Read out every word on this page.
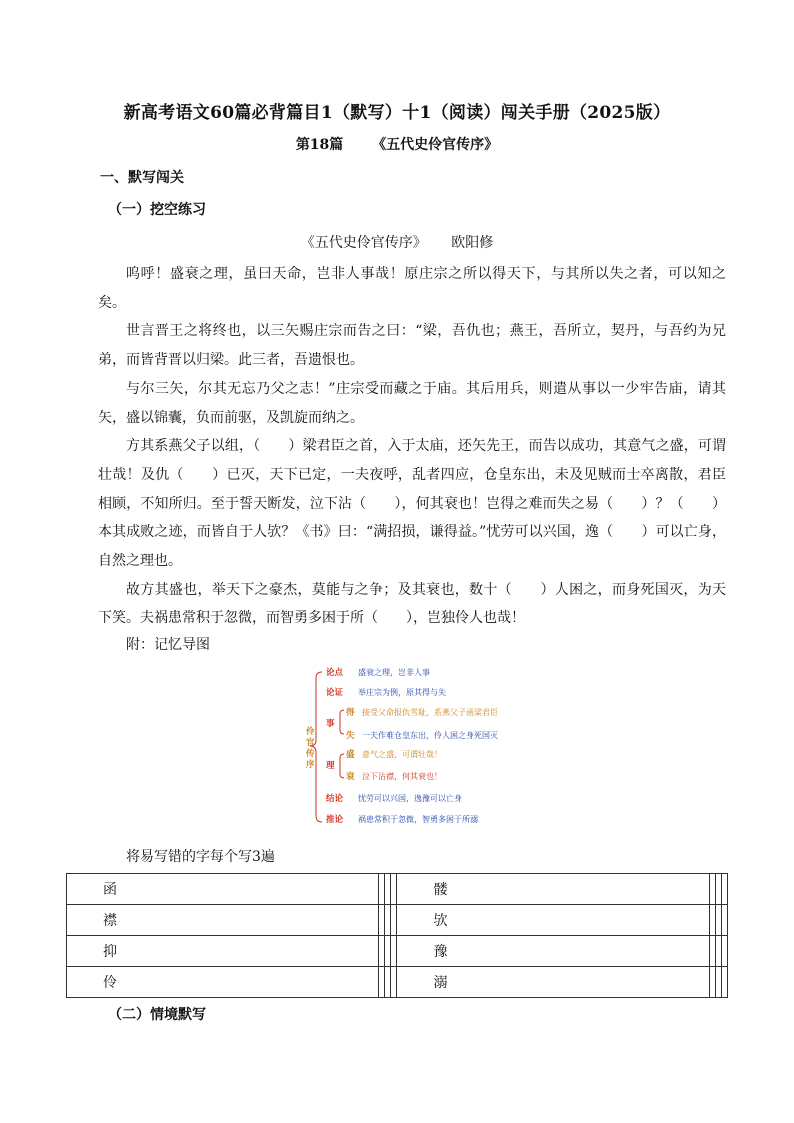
新高考语文60篇必背篇目1（默写）十1（阅读）闯关手册（2025版）
第18篇 《五代史伶官传序》
一、默写闯关
（一）挖空练习
《五代史伶官传序》 欧阳修

呜呼！盛衰之理，虽曰天命，岂非人事哉！原庄宗之所以得天下，与其所以失之者，可以知之矣。

世言晋王之将终也，以三矢赐庄宗而告之曰：“梁，吾仇也；燕王，吾所立，契丹，与吾约为兄弟，而皆背晋以归梁。此三者，吾遗恨也。

与尔三矢，尔其无忘乃父之志！”庄宗受而藏之于庙。其后用兵，则遣从事以一少牢告庙，请其矢，盛以锦囊，负而前驱，及凯旋而纳之。

方其系燕父子以组，（　　）梁君臣之首，入于太庙，还矢先王，而告以成功，其意气之盛，可谓壮哉！及仇（　　）已灭，天下已定，一夫夜呼，乱者四应，仓皇东出，未及见贼而士卒离散，君臣相顾，不知所归。至于誓天断发，泣下沾（　　），何其衰也！岂得之难而失之易（　　）？（　　）本其成败之迹，而皆自于人欤？《书》曰：“满招损，谦得益。”忧劳可以兴国，逸（　　）可以亡身，自然之理也。

故方其盛也，举天下之豪杰，莫能与之争；及其衰也，数十（　　）人困之，而身死国灭，为天下笑。夫祸患常积于忽微，而智勇多困于所（　　），岂独伶人也哉！

附：记忆导图
伶
官
传
序
论点 盛衰之理，岂非人事
论证 举庄宗为例，原其得与失
事
得 接受父命报仇雪耻，系燕父子函梁君臣
失 一夫作难仓皇东出，伶人困之身死国灭
理
盛 意气之盛，可谓壮哉！
衰 泣下沾襟，何其衰也！
结论 忧劳可以兴国，逸豫可以亡身
推论 祸患常积于忽微，智勇多困于所溺
将易写错的字每个写3遍
函				髅			
襟				欤			
抑				豫			
伶				溺			
（二）情境默写
